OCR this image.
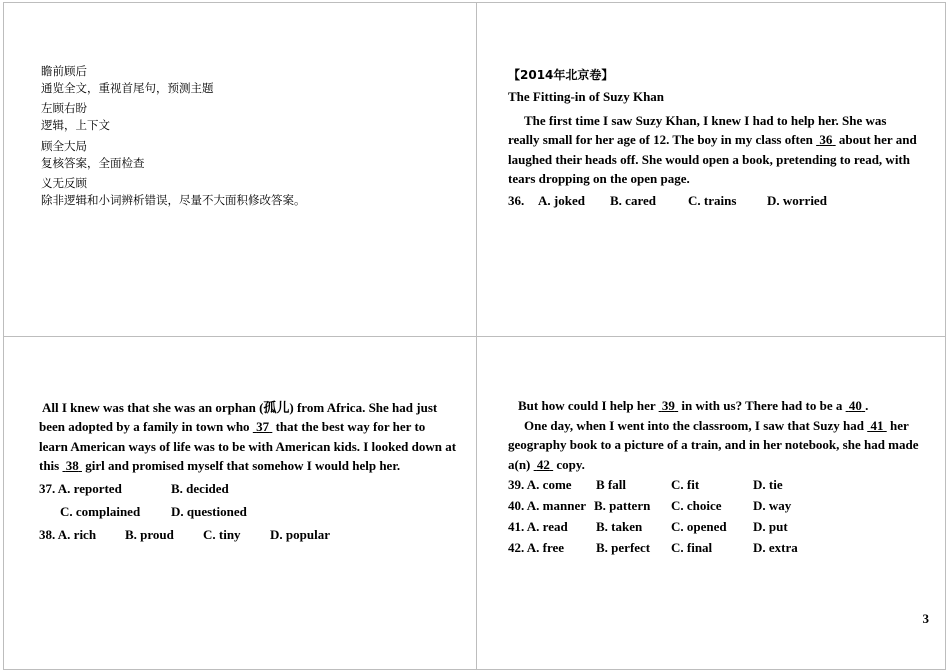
瞻前顾后
通览全文，重视首尾句，预测主题
左顾右盼
逻辑，上下文
顾全大局
复核答案，全面检查
义无反顾
除非逻辑和小词辨析错误，尽量不大面积修改答案。
【2014年北京卷】
The Fitting-in of Suzy Khan
The first time I saw Suzy Khan, I knew I had to help her. She was really small for her age of 12. The boy in my class often  36  about her and laughed their heads off. She would open a book, pretending to read, with tears dropping on the open page.
36. A. joked B. cared C. trains D. worried
All I knew was that she was an orphan (孤儿) from Africa. She had just been adopted by a family in town who  37  that the best way for her to learn American ways of life was to be with American kids. I looked down at this  38  girl and promised myself that somehow I would help her.
37. A. reported	B. decided
C. complained D. questioned
38. A. rich B. proud C. tiny D. popular
But how could I help her  39  in with us? There had to be a  40 .
One day, when I went into the classroom, I saw that Suzy had  41  her geography book to a picture of a train, and in her notebook, she had made a(n)  42  copy.
39. A. come B fall	C. fit	D. tie
40. A. manner B. pattern C. choice D. way
41. A. read B. taken C. opened D. put
42. A. free B. perfect C. final	D. extra
3
